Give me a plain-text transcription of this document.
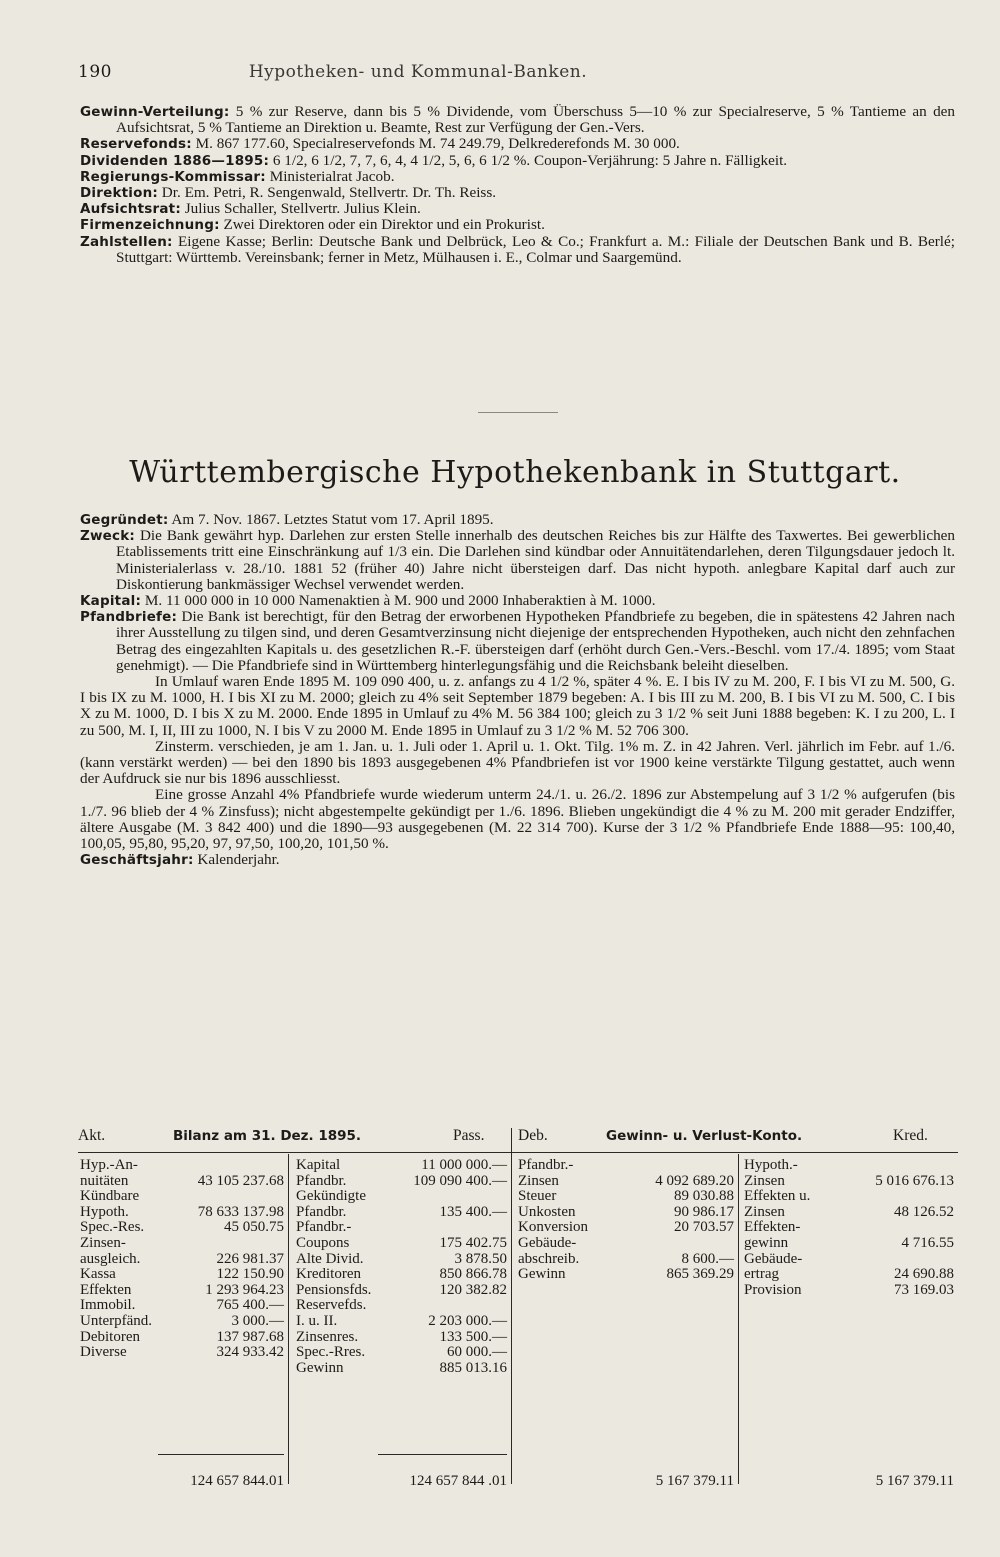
190	Hypotheken- und Kommunal-Banken.

Gewinn-Verteilung: 5 % zur Reserve, dann bis 5 % Dividende, vom Überschuss 5—10 % zur Specialreserve, 5 % Tantieme an den Aufsichtsrat, 5 % Tantieme an Direktion u. Beamte, Rest zur Verfügung der Gen.-Vers.

Reservefonds: M. 867 177.60, Specialreservefonds M. 74 249.79, Delkrederefonds M. 30 000.

Dividenden 1886—1895: 6 1/2, 6 1/2, 7, 7, 6, 4, 4 1/2, 5, 6, 6 1/2 %. Coupon-Verjährung: 5 Jahre n. Fälligkeit.

Regierungs-Kommissar: Ministerialrat Jacob.

Direktion: Dr. Em. Petri, R. Sengenwald, Stellvertr. Dr. Th. Reiss.

Aufsichtsrat: Julius Schaller, Stellvertr. Julius Klein.

Firmenzeichnung: Zwei Direktoren oder ein Direktor und ein Prokurist.

Zahlstellen: Eigene Kasse; Berlin: Deutsche Bank und Delbrück, Leo & Co.; Frankfurt a. M.: Filiale der Deutschen Bank und B. Berlé; Stuttgart: Württemb. Vereinsbank; ferner in Metz, Mülhausen i. E., Colmar und Saargemünd.

Württembergische Hypothekenbank in Stuttgart.

Gegründet: Am 7. Nov. 1867. Letztes Statut vom 17. April 1895.

Zweck: Die Bank gewährt hyp. Darlehen zur ersten Stelle innerhalb des deutschen Reiches bis zur Hälfte des Taxwertes. Bei gewerblichen Etablissements tritt eine Einschränkung auf 1/3 ein. Die Darlehen sind kündbar oder Annuitätendarlehen, deren Tilgungsdauer jedoch lt. Ministerialerlass v. 28./10. 1881 52 (früher 40) Jahre nicht übersteigen darf. Das nicht hypoth. anlegbare Kapital darf auch zur Diskontierung bankmässiger Wechsel verwendet werden.

Kapital: M. 11 000 000 in 10 000 Namenaktien à M. 900 und 2000 Inhaberaktien à M. 1000.

Pfandbriefe: Die Bank ist berechtigt, für den Betrag der erworbenen Hypotheken Pfandbriefe zu begeben, die in spätestens 42 Jahren nach ihrer Ausstellung zu tilgen sind, und deren Gesamtverzinsung nicht diejenige der entsprechenden Hypotheken, auch nicht den zehnfachen Betrag des eingezahlten Kapitals u. des gesetzlichen R.-F. übersteigen darf (erhöht durch Gen.-Vers.-Beschl. vom 17./4. 1895; vom Staat genehmigt). — Die Pfandbriefe sind in Württemberg hinterlegungsfähig und die Reichsbank beleiht dieselben.

In Umlauf waren Ende 1895 M. 109 090 400, u. z. anfangs zu 4 1/2 %, später 4 %. E. I bis IV zu M. 200, F. I bis VI zu M. 500, G. I bis IX zu M. 1000, H. I bis XI zu M. 2000; gleich zu 4% seit September 1879 begeben: A. I bis III zu M. 200, B. I bis VI zu M. 500, C. I bis X zu M. 1000, D. I bis X zu M. 2000. Ende 1895 in Umlauf zu 4% M. 56 384 100; gleich zu 3 1/2 % seit Juni 1888 begeben: K. I zu 200, L. I zu 500, M. I, II, III zu 1000, N. I bis V zu 2000 M. Ende 1895 in Umlauf zu 3 1/2 % M. 52 706 300.

Zinsterm. verschieden, je am 1. Jan. u. 1. Juli oder 1. April u. 1. Okt. Tilg. 1% m. Z. in 42 Jahren. Verl. jährlich im Febr. auf 1./6. (kann verstärkt werden) — bei den 1890 bis 1893 ausgegebenen 4% Pfandbriefen ist vor 1900 keine verstärkte Tilgung gestattet, auch wenn der Aufdruck sie nur bis 1896 ausschliesst.

Eine grosse Anzahl 4% Pfandbriefe wurde wiederum unterm 24./1. u. 26./2. 1896 zur Abstempelung auf 3 1/2 % aufgerufen (bis 1./7. 96 blieb der 4 % Zinsfuss); nicht abgestempelte gekündigt per 1./6. 1896. Blieben ungekündigt die 4 % zu M. 200 mit gerader Endziffer, ältere Ausgabe (M. 3 842 400) und die 1890—93 ausgegebenen (M. 22 314 700). Kurse der 3 1/2 % Pfandbriefe Ende 1888—95: 100,40, 100,05, 95,80, 95,20, 97, 97,50, 100,20, 101,50 %.

Geschäftsjahr: Kalenderjahr.

Akt.	Bilanz am 31. Dez. 1895.	Pass. Deb.	Gewinn- u. Verlust-Konto.	Kred.
Hyp.-An-
nuitäten	43 105 237.68
Kündbare
Hypoth.	78 633 137.98
Spec.-Res.	45 050.75
Zinsen-
ausgleich.	226 981.37
Kassa	122 150.90
Effekten	1 293 964.23
Immobil.	765 400.—
Unterpfänd.	3 000.—
Debitoren	137 987.68
Diverse	324 933.42
Kapital	11 000 000.—
Pfandbr.	109 090 400.—
Gekündigte
Pfandbr.	135 400.—
Pfandbr.-
Coupons	175 402.75
Alte Divid.	3 878.50
Kreditoren	850 866.78
Pensionsfds.	120 382.82
Reservefds.
I. u. II.	2 203 000.—
Zinsenres.	133 500.—
Spec.-Rres.	60 000.—
Gewinn	885 013.16
Pfandbr.-
Zinsen	4 092 689.20
Steuer	89 030.88
Unkosten	90 986.17
Konversion	20 703.57
Gebäude-
abschreib.	8 600.—
Gewinn	865 369.29
Hypoth.-
Zinsen	5 016 676.13
Effekten u.
Zinsen	48 126.52
Effekten-
gewinn	4 716.55
Gebäude-
ertrag	24 690.88
Provision	73 169.03
124 657 844.01	124 657 844 .01	5 167 379.11	5 167 379.11
